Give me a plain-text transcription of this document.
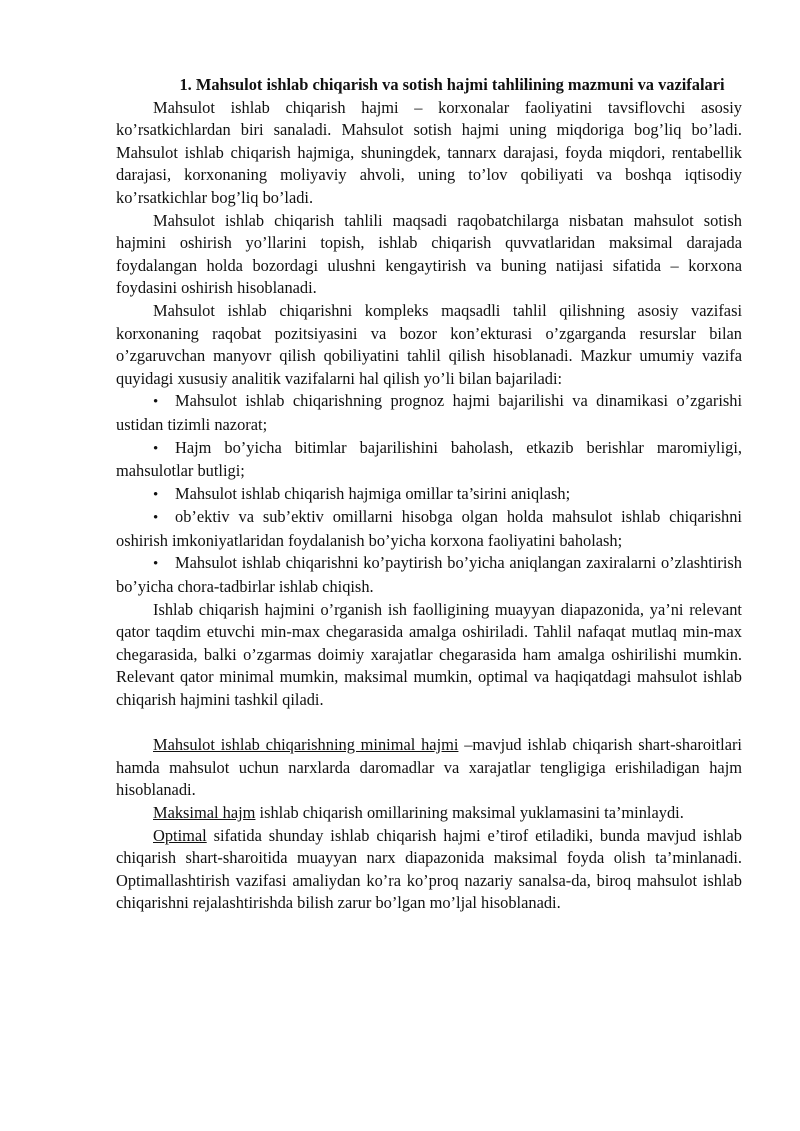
1. Mahsulot ishlab chiqarish va sotish hajmi tahlilining mazmuni va vazifalari

Mahsulot ishlab chiqarish hajmi – korxonalar faoliyatini tavsiflovchi asosiy ko’rsatkichlardan biri sanaladi. Mahsulot sotish hajmi uning miqdoriga bog’liq bo’ladi. Mahsulot ishlab chiqarish hajmiga, shuningdek, tannarx darajasi, foyda miqdori, rentabellik darajasi, korxonaning moliyaviy ahvoli, uning to’lov qobiliyati va boshqa iqtisodiy ko’rsatkichlar bog’liq bo’ladi.

Mahsulot ishlab chiqarish tahlili maqsadi raqobatchilarga nisbatan mahsulot sotish hajmini oshirish yo’llarini topish, ishlab chiqarish quvvatlaridan maksimal darajada foydalangan holda bozordagi ulushni kengaytirish va buning natijasi sifatida – korxona foydasini oshirish hisoblanadi.

Mahsulot ishlab chiqarishni kompleks maqsadli tahlil qilishning asosiy vazifasi korxonaning raqobat pozitsiyasini va bozor kon’ekturasi o’zgarganda resurslar bilan o’zgaruvchan manyovr qilish qobiliyatini tahlil qilish hisoblanadi. Mazkur umumiy vazifa quyidagi xususiy analitik vazifalarni hal qilish yo’li bilan bajariladi:

• Mahsulot ishlab chiqarishning prognoz hajmi bajarilishi va dinamikasi o’zgarishi ustidan tizimli nazorat;
• Hajm bo’yicha bitimlar bajarilishini baholash, etkazib berishlar maromiyligi, mahsulotlar butligi;
• Mahsulot ishlab chiqarish hajmiga omillar ta’sirini aniqlash;
• ob’ektiv va sub’ektiv omillarni hisobga olgan holda mahsulot ishlab chiqarishni oshirish imkoniyatlaridan foydalanish bo’yicha korxona faoliyatini baholash;
• Mahsulot ishlab chiqarishni ko’paytirish bo’yicha aniqlangan zaxiralarni o’zlashtirish bo’yicha chora-tadbirlar ishlab chiqish.

Ishlab chiqarish hajmini o’rganish ish faolligining muayyan diapazonida, ya’ni relevant qator taqdim etuvchi min-max chegarasida amalga oshiriladi. Tahlil nafaqat mutlaq min-max chegarasida, balki o’zgarmas doimiy xarajatlar chegarasida ham amalga oshirilishi mumkin. Relevant qator minimal mumkin, maksimal mumkin, optimal va haqiqatdagi mahsulot ishlab chiqarish hajmini tashkil qiladi.

Mahsulot ishlab chiqarishning minimal hajmi –mavjud ishlab chiqarish shart-sharoitlari hamda mahsulot uchun narxlarda daromadlar va xarajatlar tengligiga erishiladigan hajm hisoblanadi.

Maksimal hajm ishlab chiqarish omillarining maksimal yuklamasini ta’minlaydi.

Optimal sifatida shunday ishlab chiqarish hajmi e’tirof etiladiki, bunda mavjud ishlab chiqarish shart-sharoitida muayyan narx diapazonida maksimal foyda olish ta’minlanadi. Optimallashtirish vazifasi amaliydan ko’ra ko’proq nazariy sanalsa-da, biroq mahsulot ishlab chiqarishni rejalashtirishda bilish zarur bo’lgan mo’ljal hisoblanadi.
